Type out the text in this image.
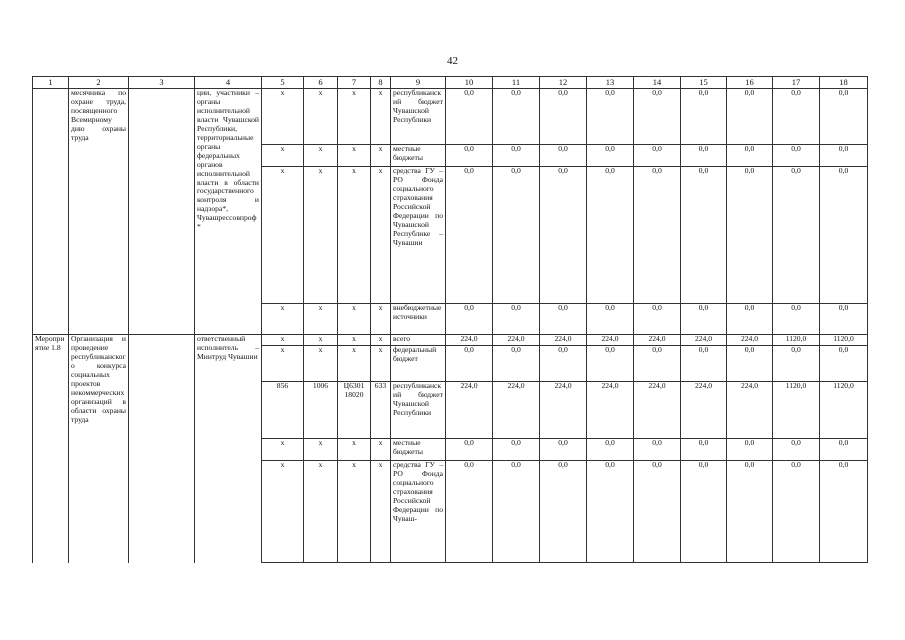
42
1	2	3	4	5	6	7	8	9	10	11	12	13	14	15	16	17	18
	месячника по охране труда, посвященного Всемирному дню охраны труда		ции, участники – органы исполнительной власти Чувашской Республики, территориальные органы федеральных органов исполнительной власти в области государственного контроля и надзора*, Чувашрессовпроф*	x	x	x	x	республиканский бюджет Чувашской Республики	0,0	0,0	0,0	0,0	0,0	0,0	0,0	0,0	0,0
				x	x	x	x	местные бюджеты	0,0	0,0	0,0	0,0	0,0	0,0	0,0	0,0	0,0
				x	x	x	x	средства ГУ – РО Фонда социального страхования Российской Федерации по Чувашской Республике – Чувашии	0,0	0,0	0,0	0,0	0,0	0,0	0,0	0,0	0,0
				x	x	x	x	внебюджетные источники	0,0	0,0	0,0	0,0	0,0	0,0	0,0	0,0	0,0
Мероприятие 1.8	Организация и проведение республиканского конкурса социальных проектов некоммерческих организаций в области охраны труда		ответственный исполнитель – Минтруд Чувашии	x	x	x	x	всего	224,0	224,0	224,0	224,0	224,0	224,0	224,0	1120,0	1120,0
				x	x	x	x	федеральный бюджет	0,0	0,0	0,0	0,0	0,0	0,0	0,0	0,0	0,0
				856	1006	Ц6301 18020	633	республиканский бюджет Чувашской Республики	224,0	224,0	224,0	224,0	224,0	224,0	224,0	1120,0	1120,0
				x	x	x	x	местные бюджеты	0,0	0,0	0,0	0,0	0,0	0,0	0,0	0,0	0,0
				x	x	x	x	средства ГУ – РО Фонда социального страхования Российской Федерации по Чуваш-	0,0	0,0	0,0	0,0	0,0	0,0	0,0	0,0	0,0
